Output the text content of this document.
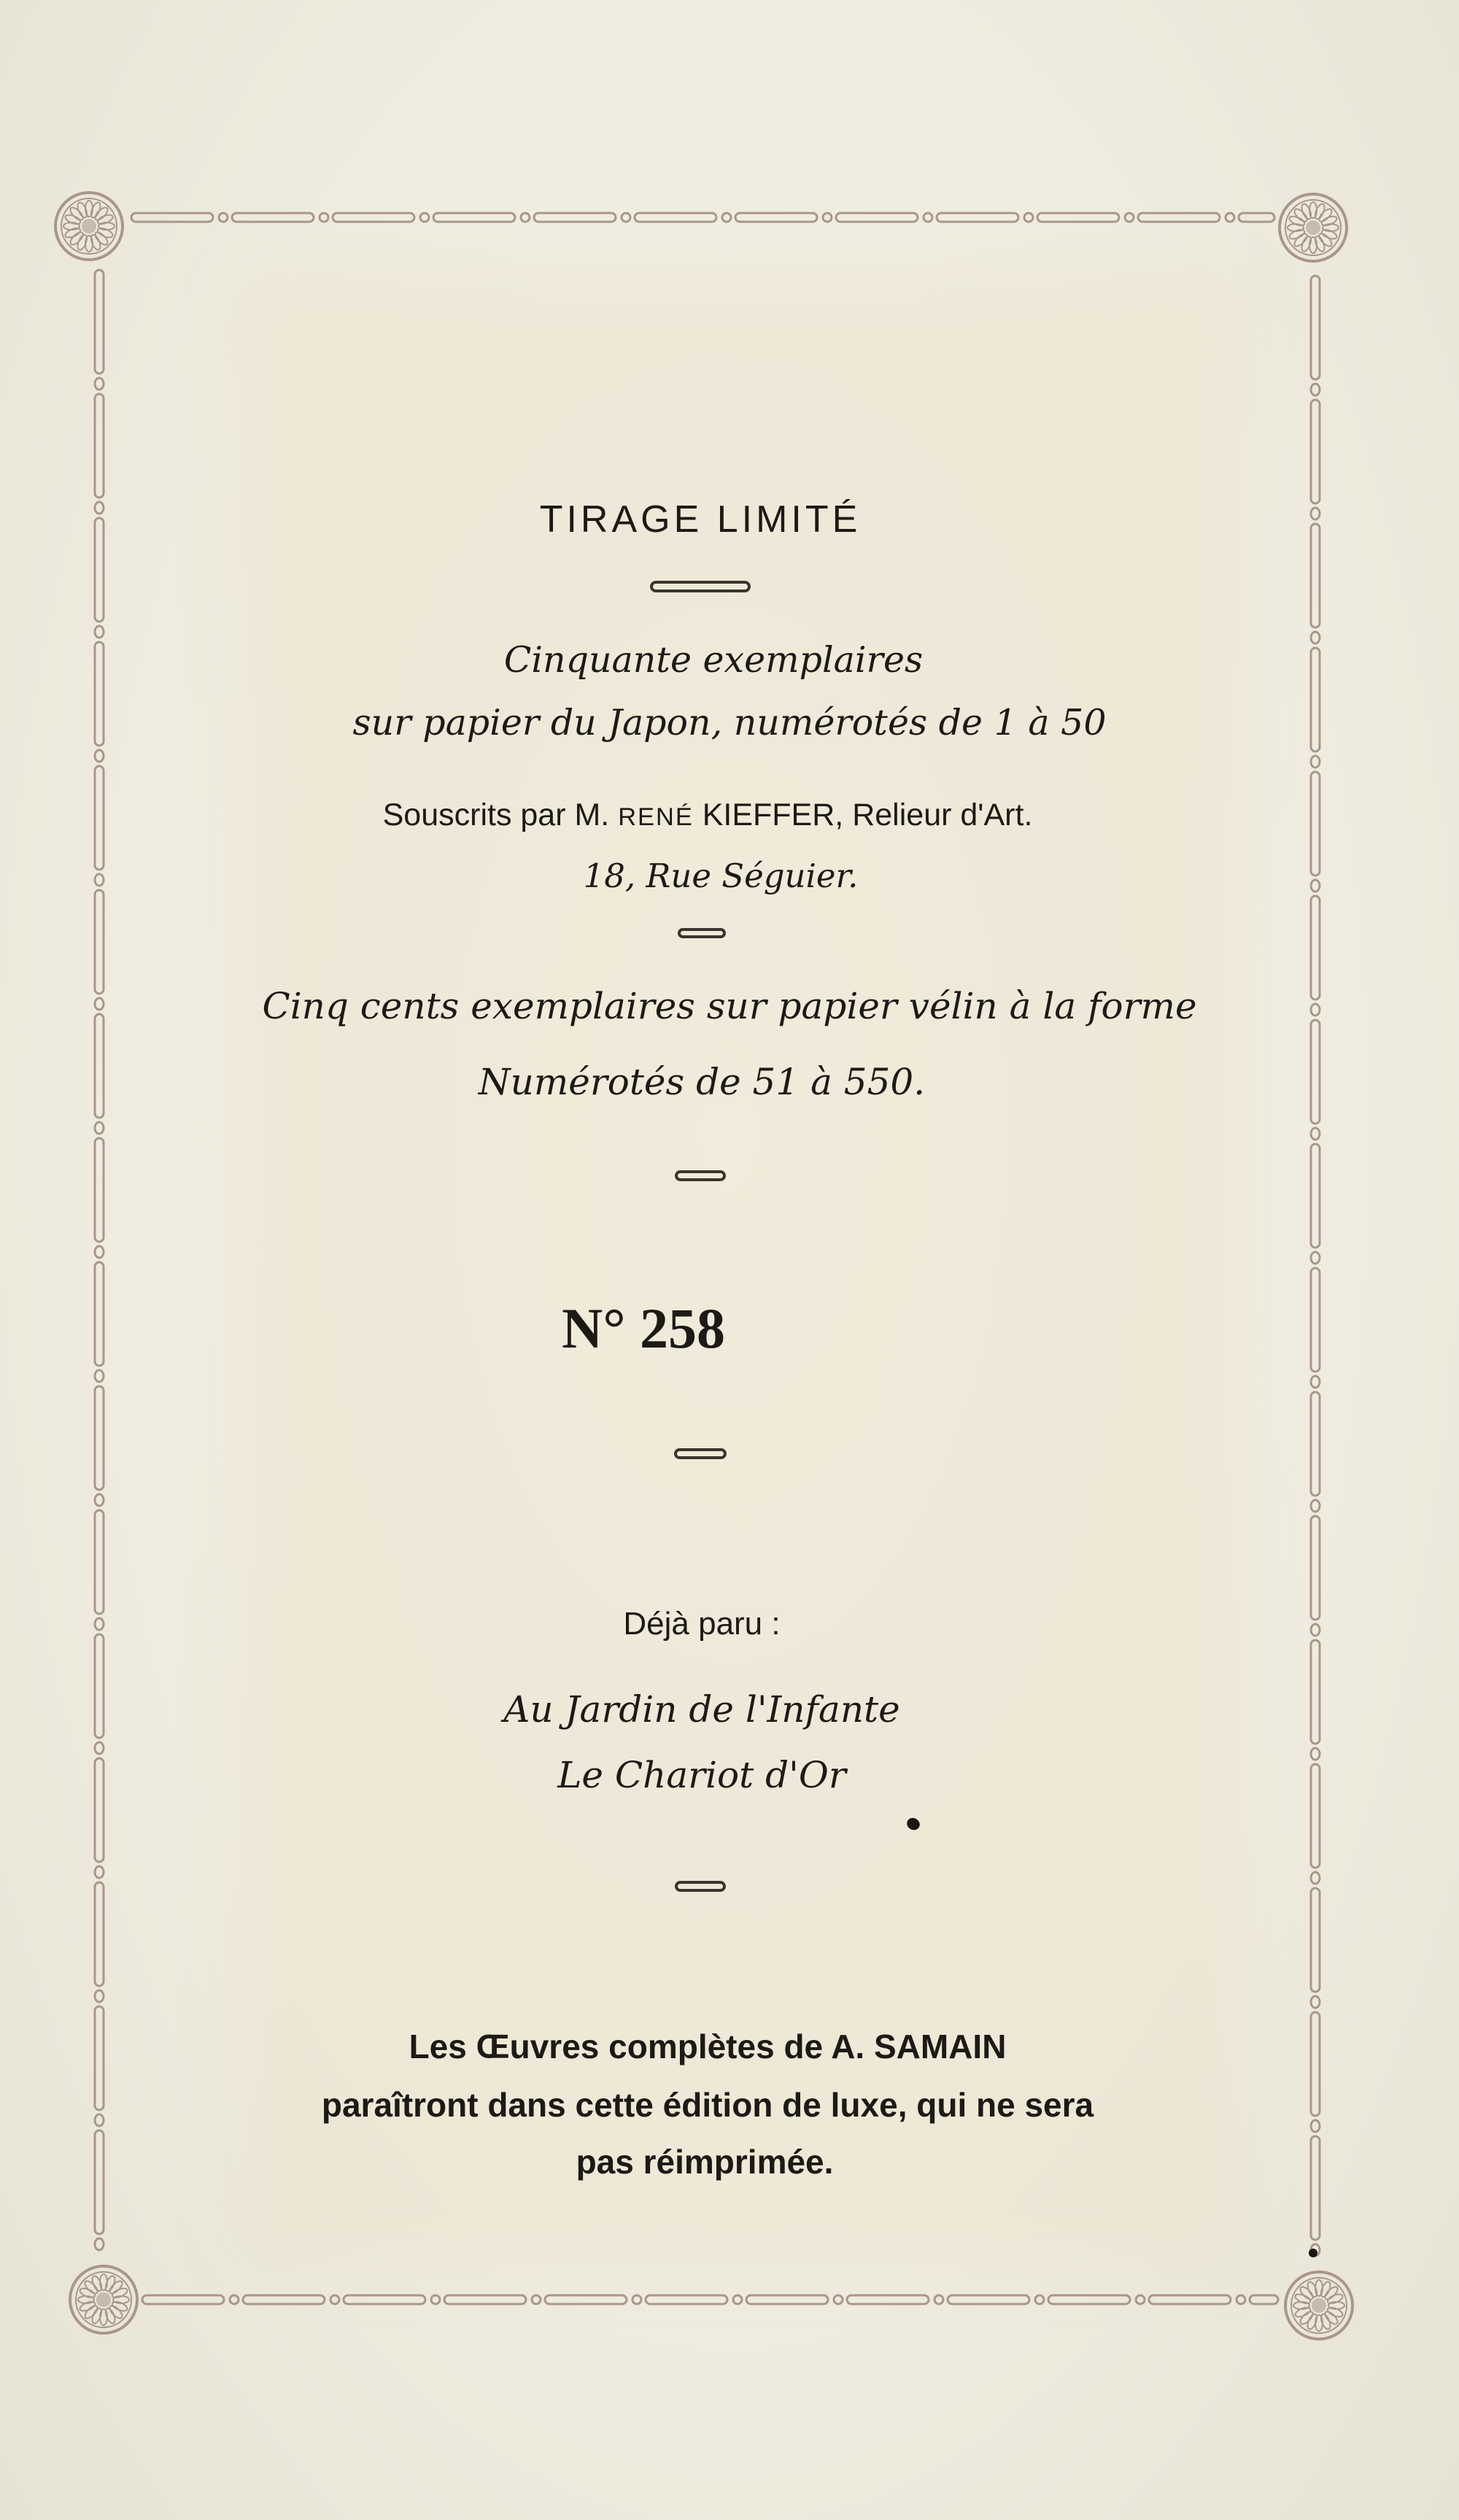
TIRAGE LIMITÉ
Cinquante exemplaires
sur papier du Japon, numérotés de 1 à 50
Souscrits par M. RENÉ KIEFFER, Relieur d'Art.
18, Rue Séguier.
Cinq cents exemplaires sur papier vélin à la forme
Numérotés de 51 à 550.
N° 258
Déjà paru :
Au Jardin de l'Infante
Le Chariot d'Or
Les Œuvres complètes de A. SAMAIN
paraîtront dans cette édition de luxe, qui ne sera
pas réimprimée.
